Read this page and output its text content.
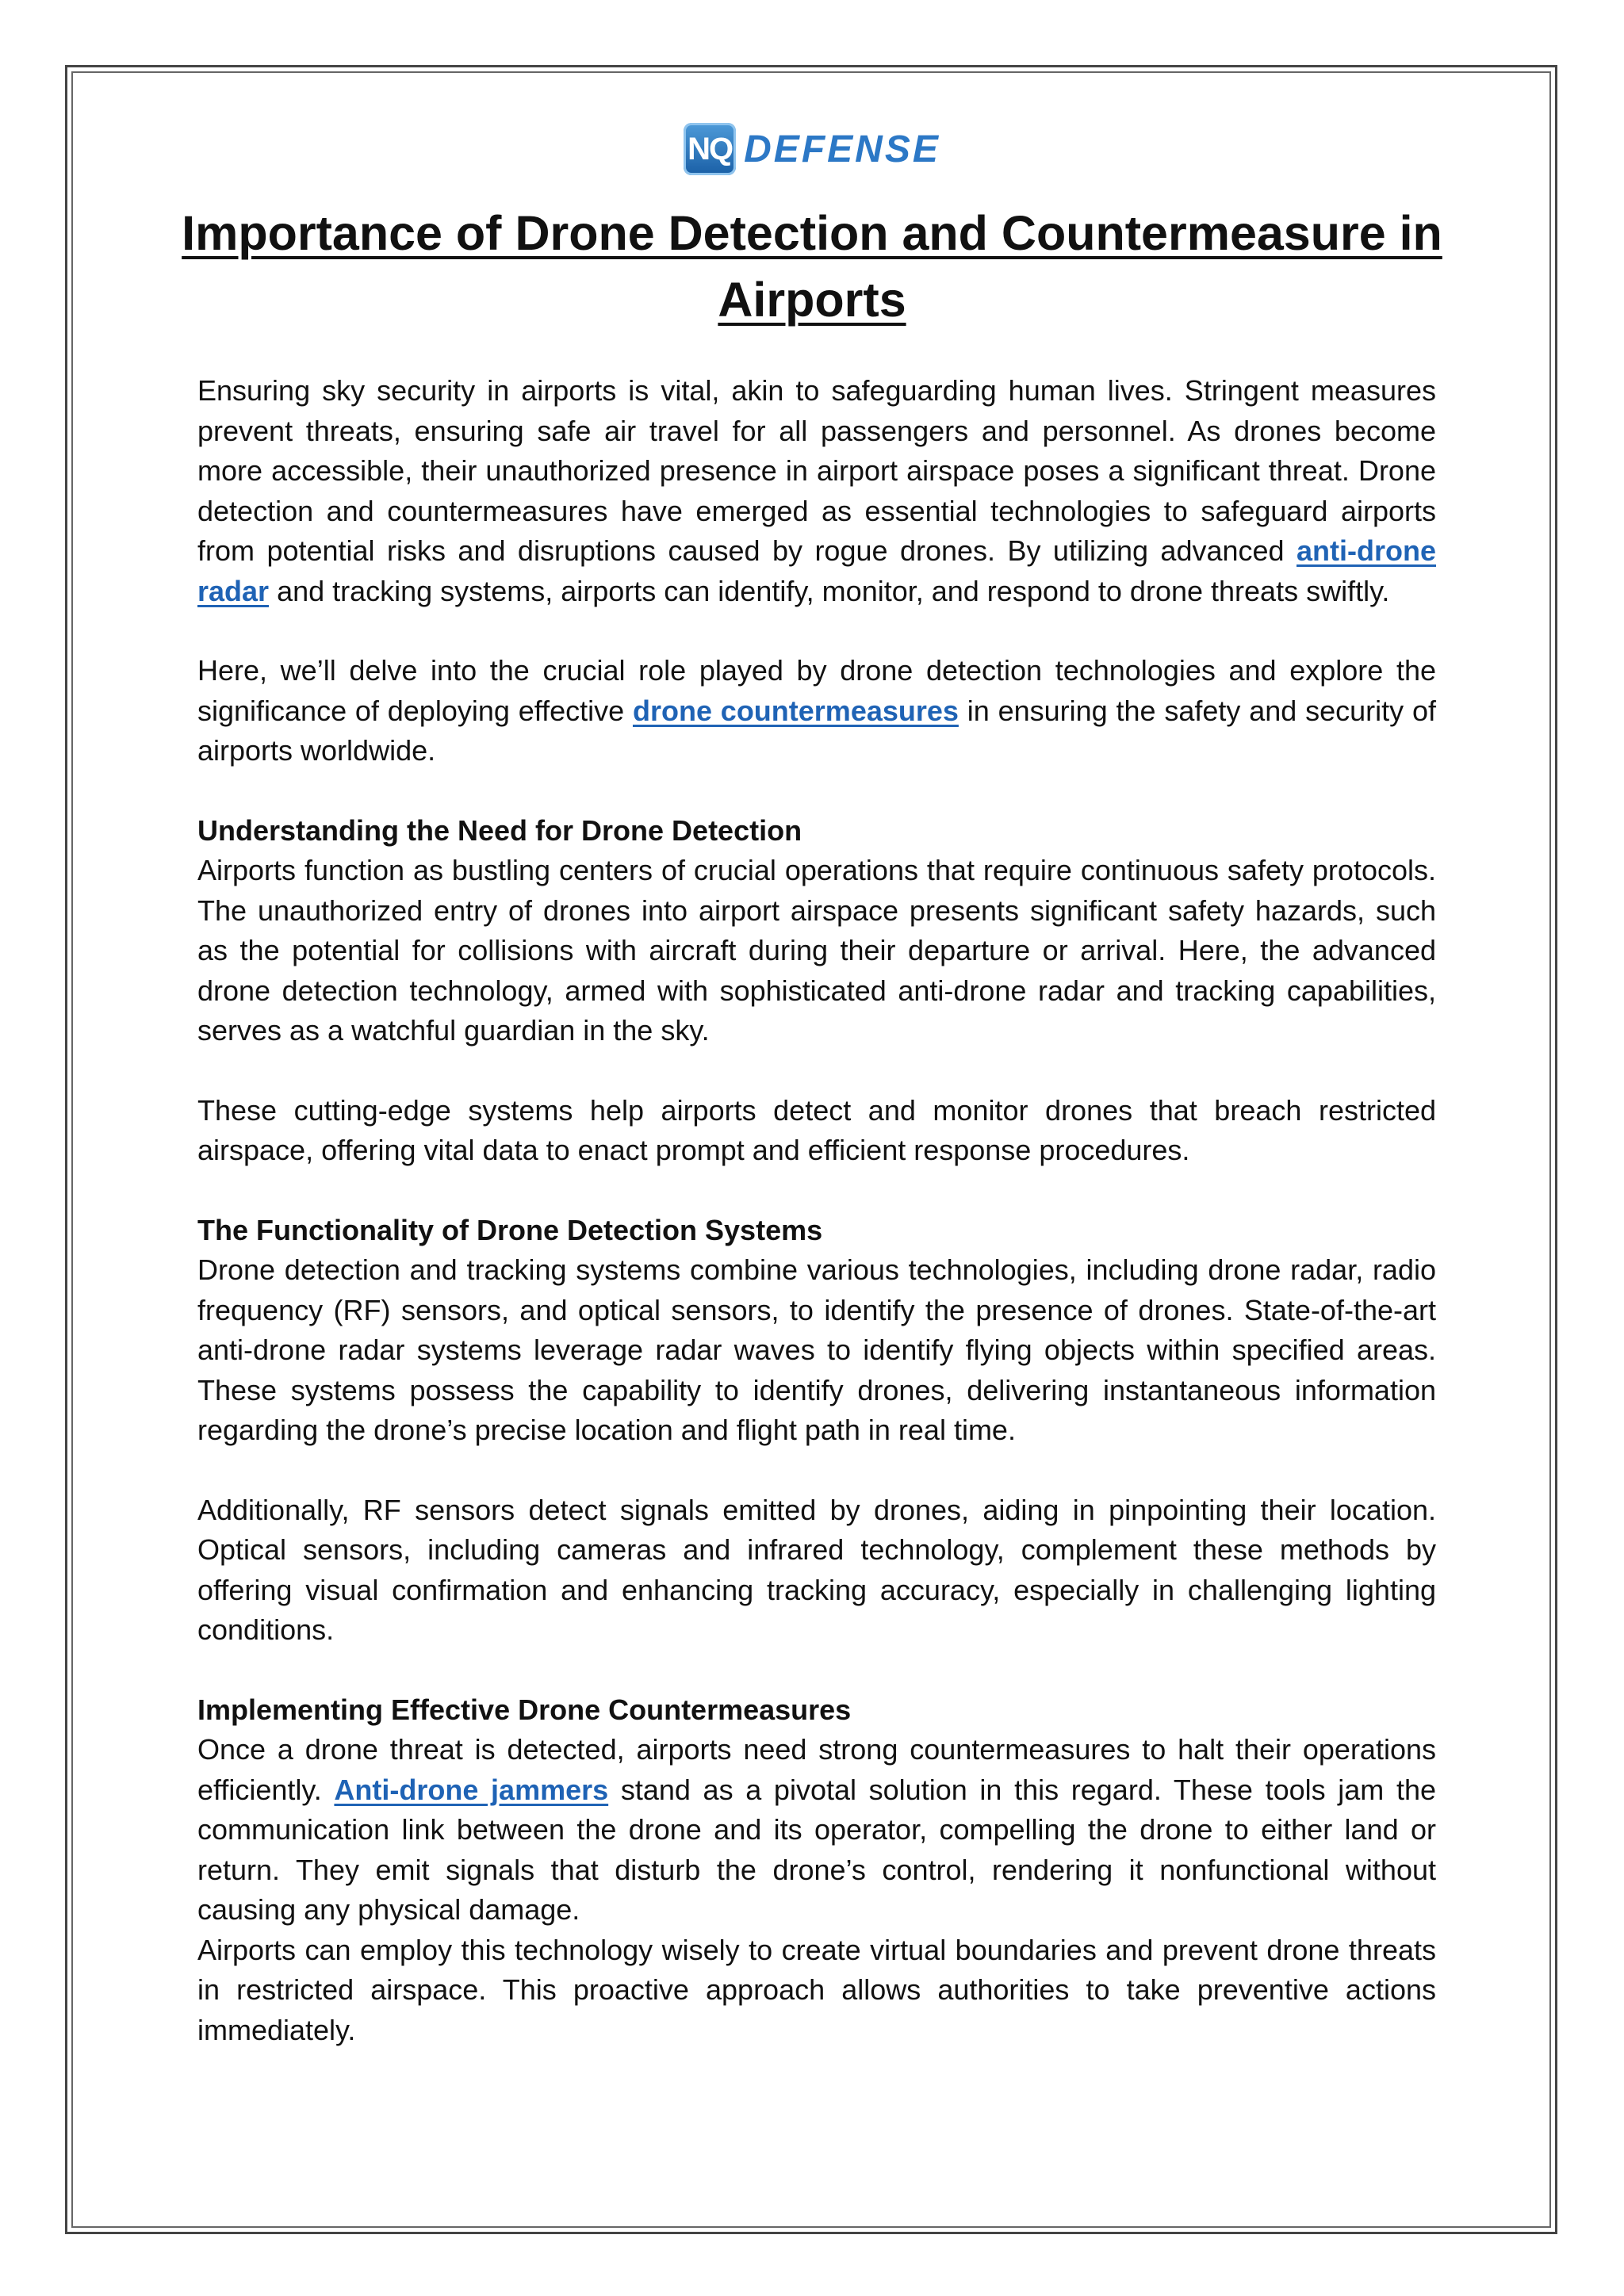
NQ DEFENSE
Importance of Drone Detection and Countermeasure in Airports

Ensuring sky security in airports is vital, akin to safeguarding human lives. Stringent measures prevent threats, ensuring safe air travel for all passengers and personnel. As drones become more accessible, their unauthorized presence in airport airspace poses a significant threat. Drone detection and countermeasures have emerged as essential technologies to safeguard airports from potential risks and disruptions caused by rogue drones. By utilizing advanced anti-drone radar and tracking systems, airports can identify, monitor, and respond to drone threats swiftly.

Here, we’ll delve into the crucial role played by drone detection technologies and explore the significance of deploying effective drone countermeasures in ensuring the safety and security of airports worldwide.

Understanding the Need for Drone Detection
Airports function as bustling centers of crucial operations that require continuous safety protocols. The unauthorized entry of drones into airport airspace presents significant safety hazards, such as the potential for collisions with aircraft during their departure or arrival. Here, the advanced drone detection technology, armed with sophisticated anti-drone radar and tracking capabilities, serves as a watchful guardian in the sky.

These cutting-edge systems help airports detect and monitor drones that breach restricted airspace, offering vital data to enact prompt and efficient response procedures.

The Functionality of Drone Detection Systems
Drone detection and tracking systems combine various technologies, including drone radar, radio frequency (RF) sensors, and optical sensors, to identify the presence of drones. State-of-the-art anti-drone radar systems leverage radar waves to identify flying objects within specified areas. These systems possess the capability to identify drones, delivering instantaneous information regarding the drone’s precise location and flight path in real time.

Additionally, RF sensors detect signals emitted by drones, aiding in pinpointing their location. Optical sensors, including cameras and infrared technology, complement these methods by offering visual confirmation and enhancing tracking accuracy, especially in challenging lighting conditions.

Implementing Effective Drone Countermeasures
Once a drone threat is detected, airports need strong countermeasures to halt their operations efficiently. Anti-drone jammers stand as a pivotal solution in this regard. These tools jam the communication link between the drone and its operator, compelling the drone to either land or return. They emit signals that disturb the drone’s control, rendering it nonfunctional without causing any physical damage.

Airports can employ this technology wisely to create virtual boundaries and prevent drone threats in restricted airspace. This proactive approach allows authorities to take preventive actions immediately.
